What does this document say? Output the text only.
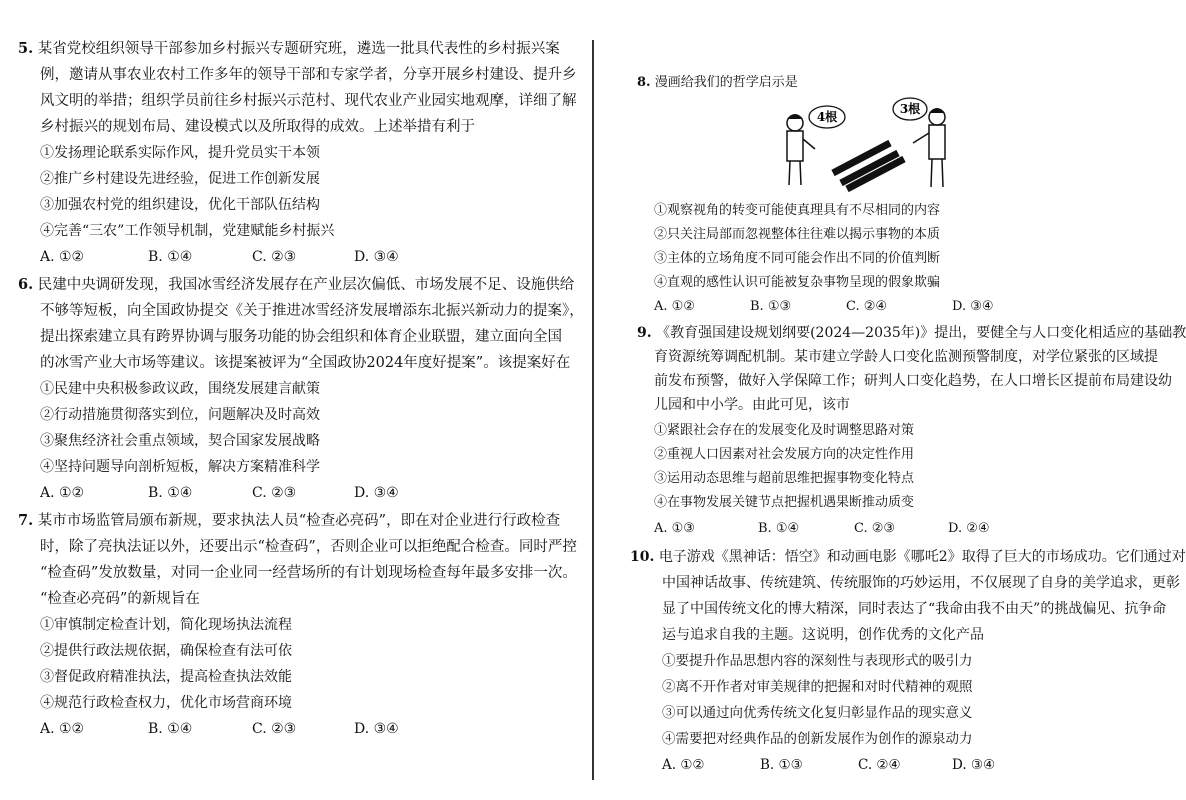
5. 某省党校组织领导干部参加乡村振兴专题研究班，遴选一批具代表性的乡村振兴案
例，邀请从事农业农村工作多年的领导干部和专家学者，分享开展乡村建设、提升乡
风文明的举措；组织学员前往乡村振兴示范村、现代农业产业园实地观摩，详细了解
乡村振兴的规划布局、建设模式以及所取得的成效。上述举措有利于
①发扬理论联系实际作风，提升党员实干本领
②推广乡村建设先进经验，促进工作创新发展
③加强农村党的组织建设，优化干部队伍结构
④完善“三农”工作领导机制，党建赋能乡村振兴
A. ①②	B. ①④	C. ②③	D. ③④
6. 民建中央调研发现，我国冰雪经济发展存在产业层次偏低、市场发展不足、设施供给
不够等短板，向全国政协提交《关于推进冰雪经济发展增添东北振兴新动力的提案》，
提出探索建立具有跨界协调与服务功能的协会组织和体育企业联盟，建立面向全国
的冰雪产业大市场等建议。该提案被评为“全国政协2024年度好提案”。该提案好在
①民建中央积极参政议政，围绕发展建言献策
②行动措施贯彻落实到位，问题解决及时高效
③聚焦经济社会重点领域，契合国家发展战略
④坚持问题导向剖析短板，解决方案精准科学
A. ①②	B. ①④	C. ②③	D. ③④
7. 某市市场监管局颁布新规，要求执法人员“检查必亮码”，即在对企业进行行政检查
时，除了亮执法证以外，还要出示“检查码”，否则企业可以拒绝配合检查。同时严控
“检查码”发放数量，对同一企业同一经营场所的有计划现场检查每年最多安排一次。
“检查必亮码”的新规旨在
①审慎制定检查计划，简化现场执法流程
②提供行政法规依据，确保检查有法可依
③督促政府精准执法，提高检查执法效能
④规范行政检查权力，优化市场营商环境
A. ①②	B. ①④	C. ②③	D. ③④
8. 漫画给我们的哲学启示是
4根
3根
①观察视角的转变可能使真理具有不尽相同的内容
②只关注局部而忽视整体往往难以揭示事物的本质
③主体的立场角度不同可能会作出不同的价值判断
④直观的感性认识可能被复杂事物呈现的假象欺骗
A. ①②	B. ①③	C. ②④	D. ③④
9. 《教育强国建设规划纲要(2024—2035年)》提出，要健全与人口变化相适应的基础教
育资源统筹调配机制。某市建立学龄人口变化监测预警制度，对学位紧张的区域提
前发布预警，做好入学保障工作；研判人口变化趋势，在人口增长区提前布局建设幼
儿园和中小学。由此可见，该市
①紧跟社会存在的发展变化及时调整思路对策
②重视人口因素对社会发展方向的决定性作用
③运用动态思维与超前思维把握事物变化特点
④在事物发展关键节点把握机遇果断推动质变
A. ①③	B. ①④	C. ②③	D. ②④
10. 电子游戏《黑神话：悟空》和动画电影《哪吒2》取得了巨大的市场成功。它们通过对
中国神话故事、传统建筑、传统服饰的巧妙运用，不仅展现了自身的美学追求，更彰
显了中国传统文化的博大精深，同时表达了“我命由我不由天”的挑战偏见、抗争命
运与追求自我的主题。这说明，创作优秀的文化产品
①要提升作品思想内容的深刻性与表现形式的吸引力
②离不开作者对审美规律的把握和对时代精神的观照
③可以通过向优秀传统文化复归彰显作品的现实意义
④需要把对经典作品的创新发展作为创作的源泉动力
A. ①②	B. ①③	C. ②④	D. ③④
